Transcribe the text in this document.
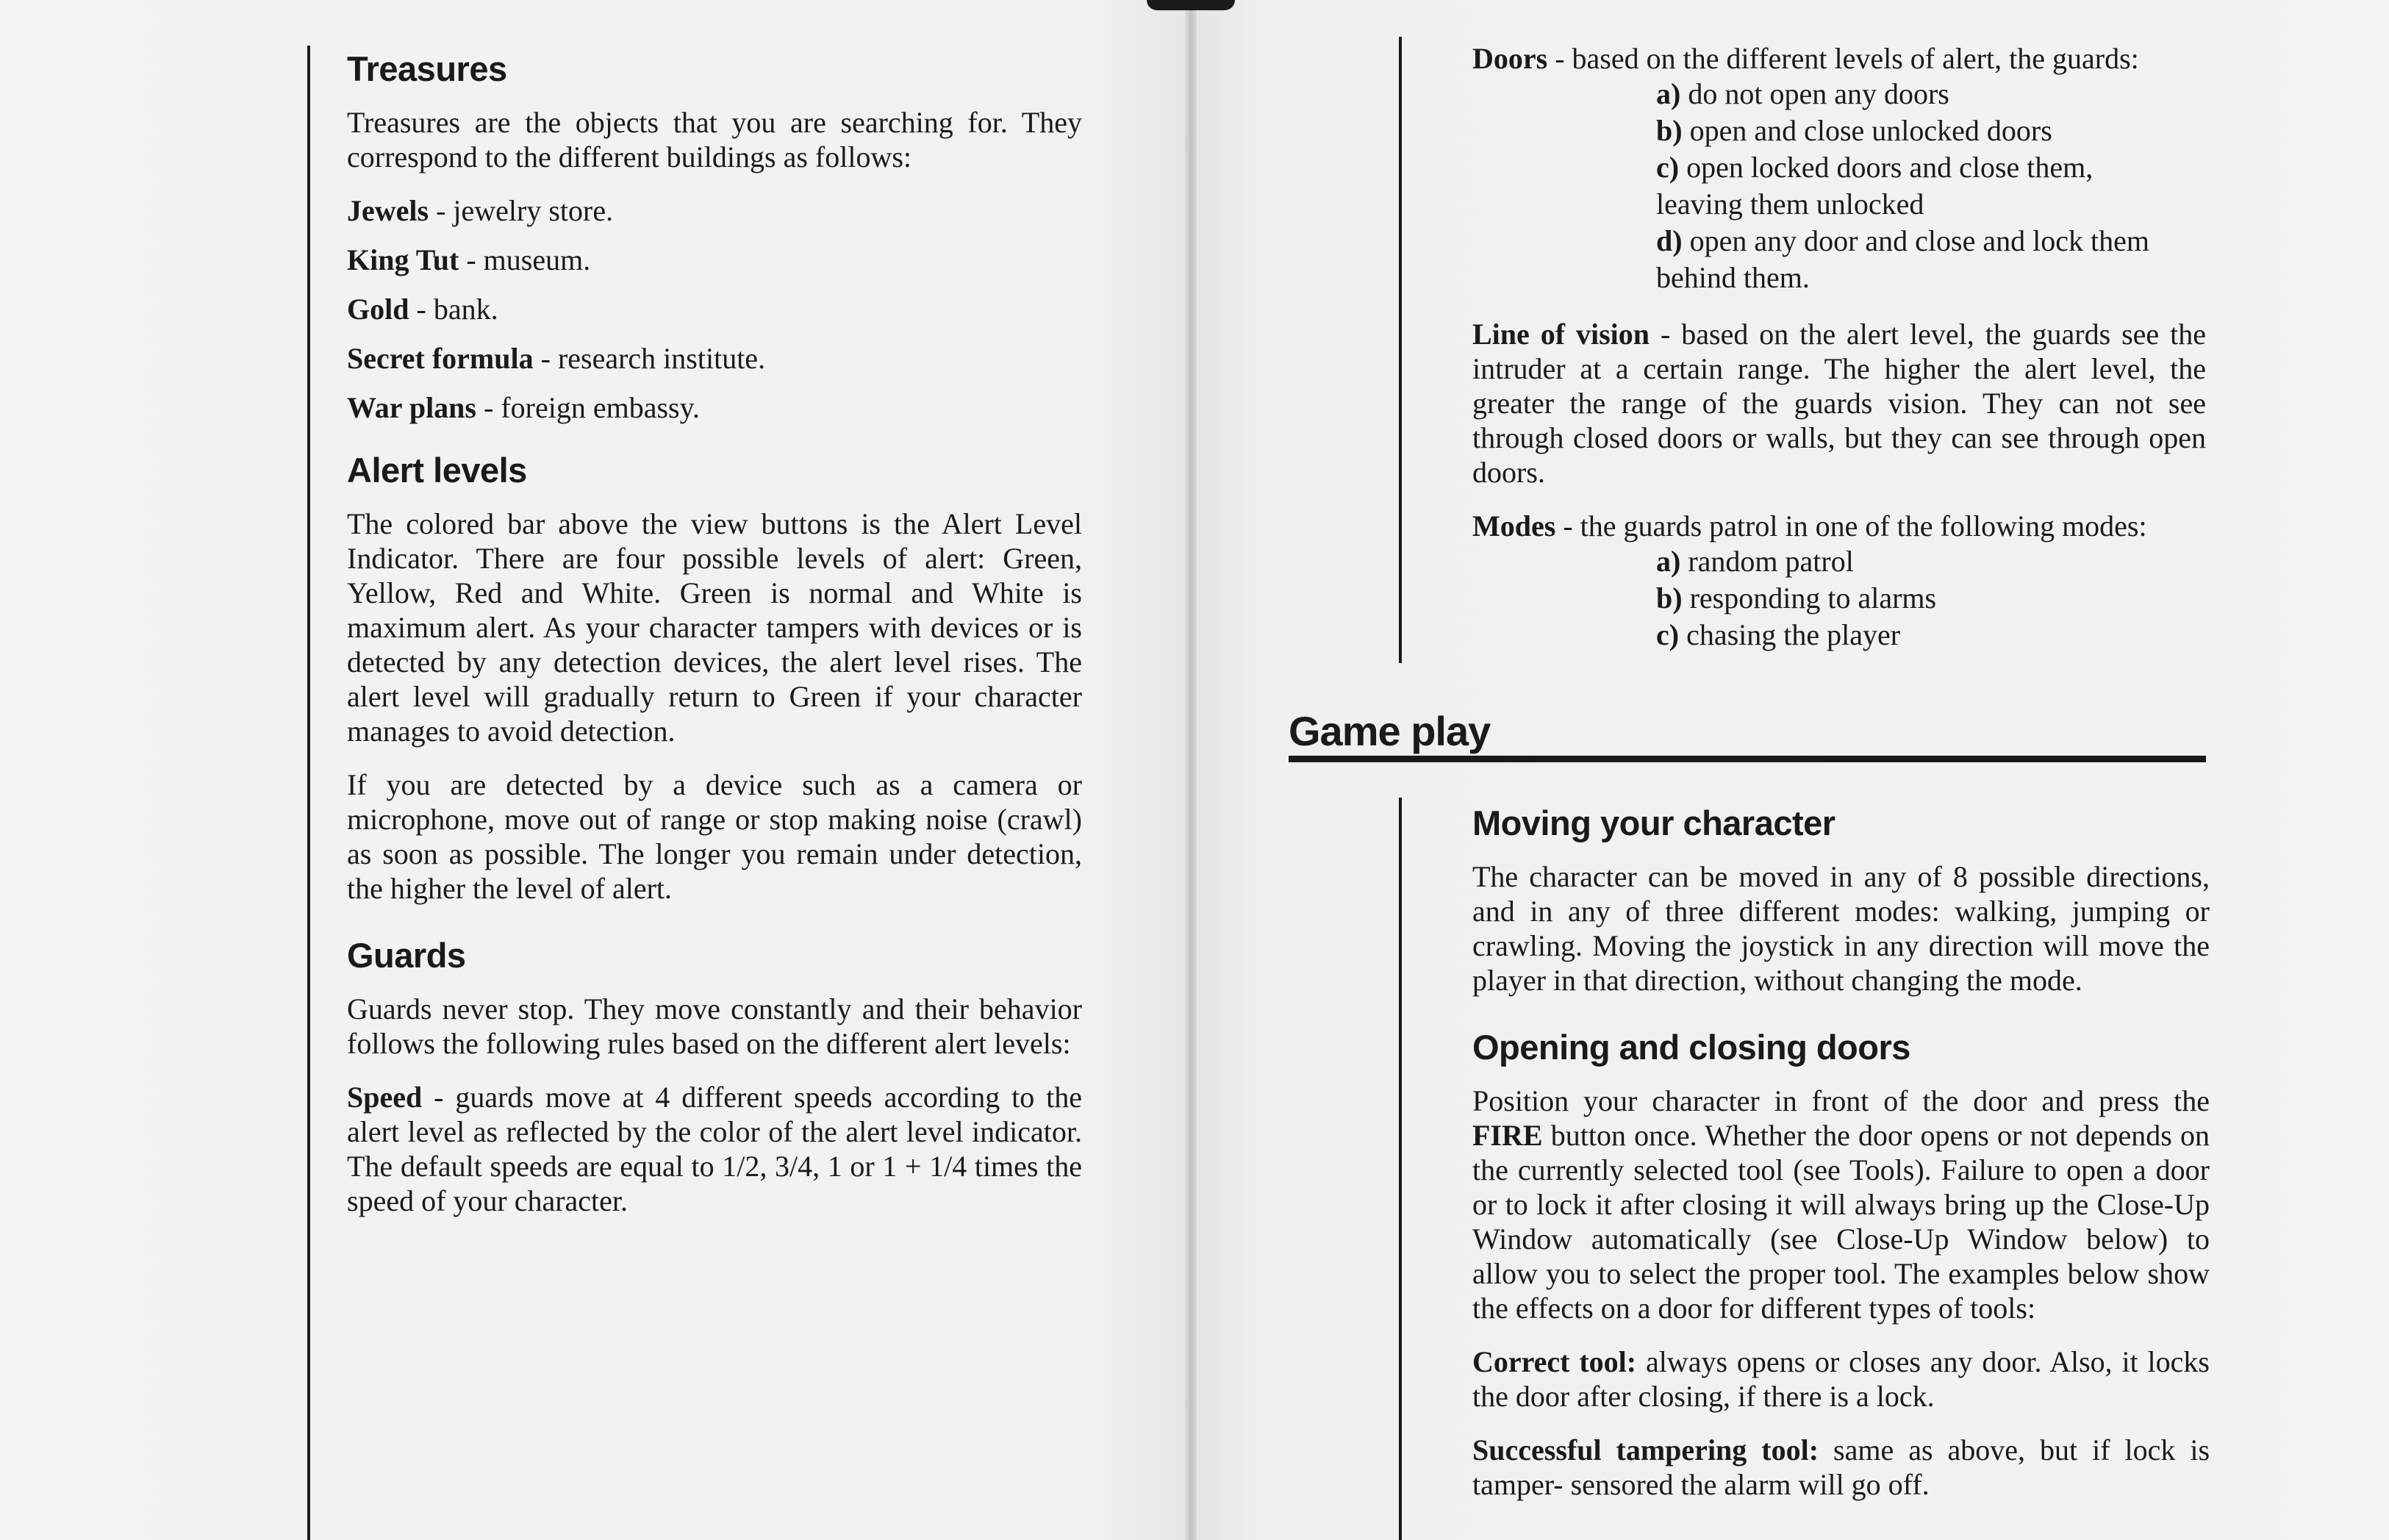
Treasures

Treasures are the objects that you are searching for. They correspond to the different buildings as follows:

Jewels - jewelry store.

King Tut - museum.

Gold - bank.

Secret formula - research institute.

War plans - foreign embassy.

Alert levels

The colored bar above the view buttons is the Alert Level Indicator. There are four possible levels of alert: Green, Yellow, Red and White. Green is normal and White is maximum alert. As your character tampers with devices or is detected by any detection devices, the alert level rises. The alert level will gradually return to Green if your character manages to avoid detection.

If you are detected by a device such as a camera or microphone, move out of range or stop making noise (crawl) as soon as possible. The longer you remain under detection, the higher the level of alert.

Guards

Guards never stop. They move constantly and their behavior follows the following rules based on the different alert levels:

Speed - guards move at 4 different speeds according to the alert level as reflected by the color of the alert level indicator. The default speeds are equal to 1/2, 3/4, 1 or 1 + 1/4 times the speed of your character.

Doors - based on the different levels of alert, the guards:

a) do not open any doors
b) open and close unlocked doors
c) open locked doors and close them,
leaving them unlocked
d) open any door and close and lock them
behind them.

Line of vision - based on the alert level, the guards see the intruder at a certain range. The higher the alert level, the greater the range of the guards vision. They can not see through closed doors or walls, but they can see through open doors.

Modes - the guards patrol in one of the following modes:

a) random patrol
b) responding to alarms
c) chasing the player
Game play
Moving your character

The character can be moved in any of 8 possible directions, and in any of three different modes: walking, jumping or crawling. Moving the joystick in any direction will move the player in that direction, without changing the mode.

Opening and closing doors

Position your character in front of the door and press the FIRE button once. Whether the door opens or not depends on the currently selected tool (see Tools). Failure to open a door or to lock it after closing it will always bring up the Close-Up Window automatically (see Close-Up Window below) to allow you to select the proper tool. The examples below show the effects on a door for different types of tools:

Correct tool: always opens or closes any door. Also, it locks the door after closing, if there is a lock.

Successful tampering tool: same as above, but if lock is tamper- sensored the alarm will go off.
